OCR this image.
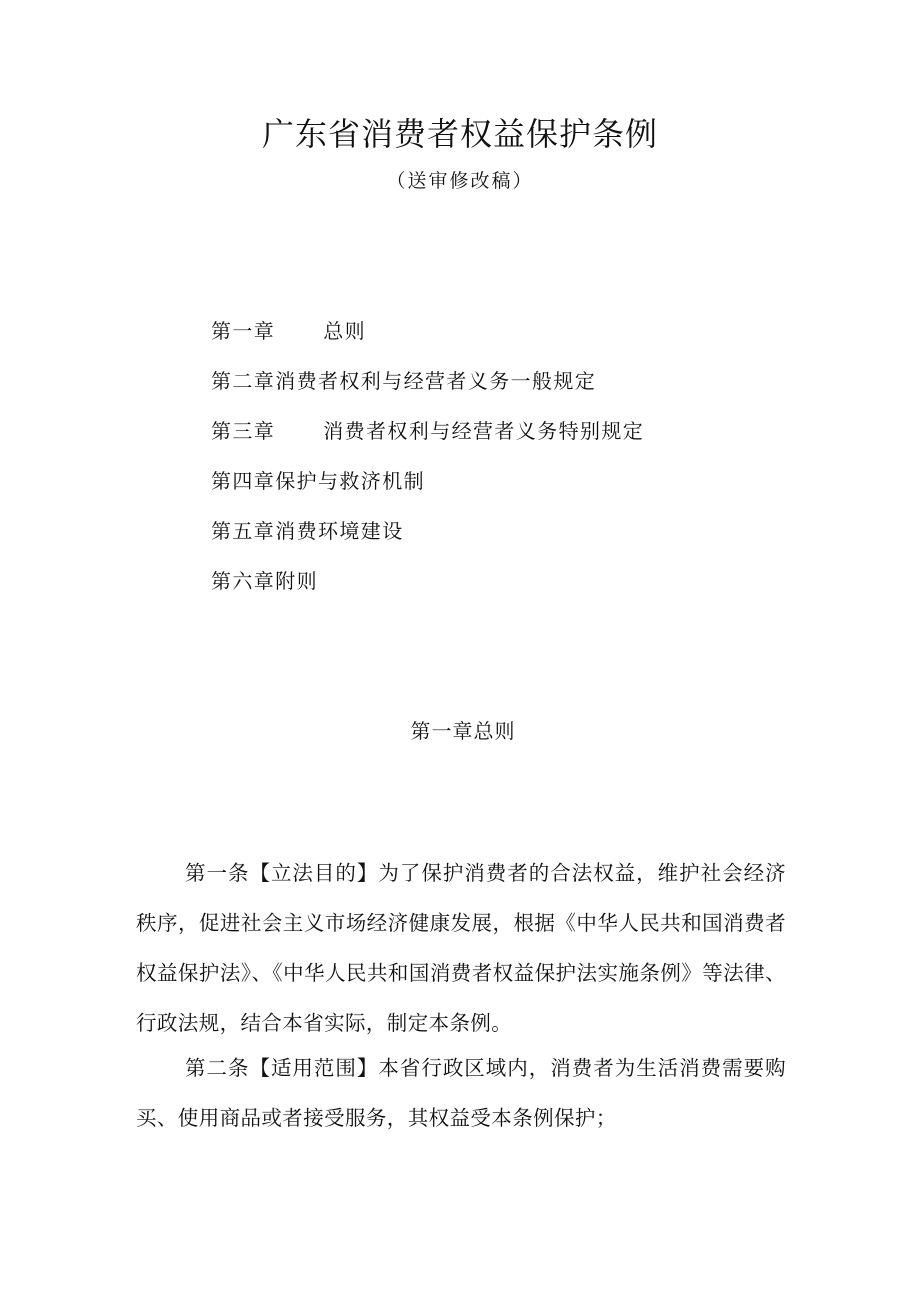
广东省消费者权益保护条例
（送审修改稿）
第一章 总则
第二章消费者权利与经营者义务一般规定
第三章 消费者权利与经营者义务特别规定
第四章保护与救济机制
第五章消费环境建设
第六章附则
第一章总则

第一条【立法目的】为了保护消费者的合法权益，维护社会经济秩序，促进社会主义市场经济健康发展，根据《中华人民共和国消费者权益保护法》、《中华人民共和国消费者权益保护法实施条例》等法律、行政法规，结合本省实际，制定本条例。

第二条【适用范围】本省行政区域内，消费者为生活消费需要购买、使用商品或者接受服务，其权益受本条例保护；
